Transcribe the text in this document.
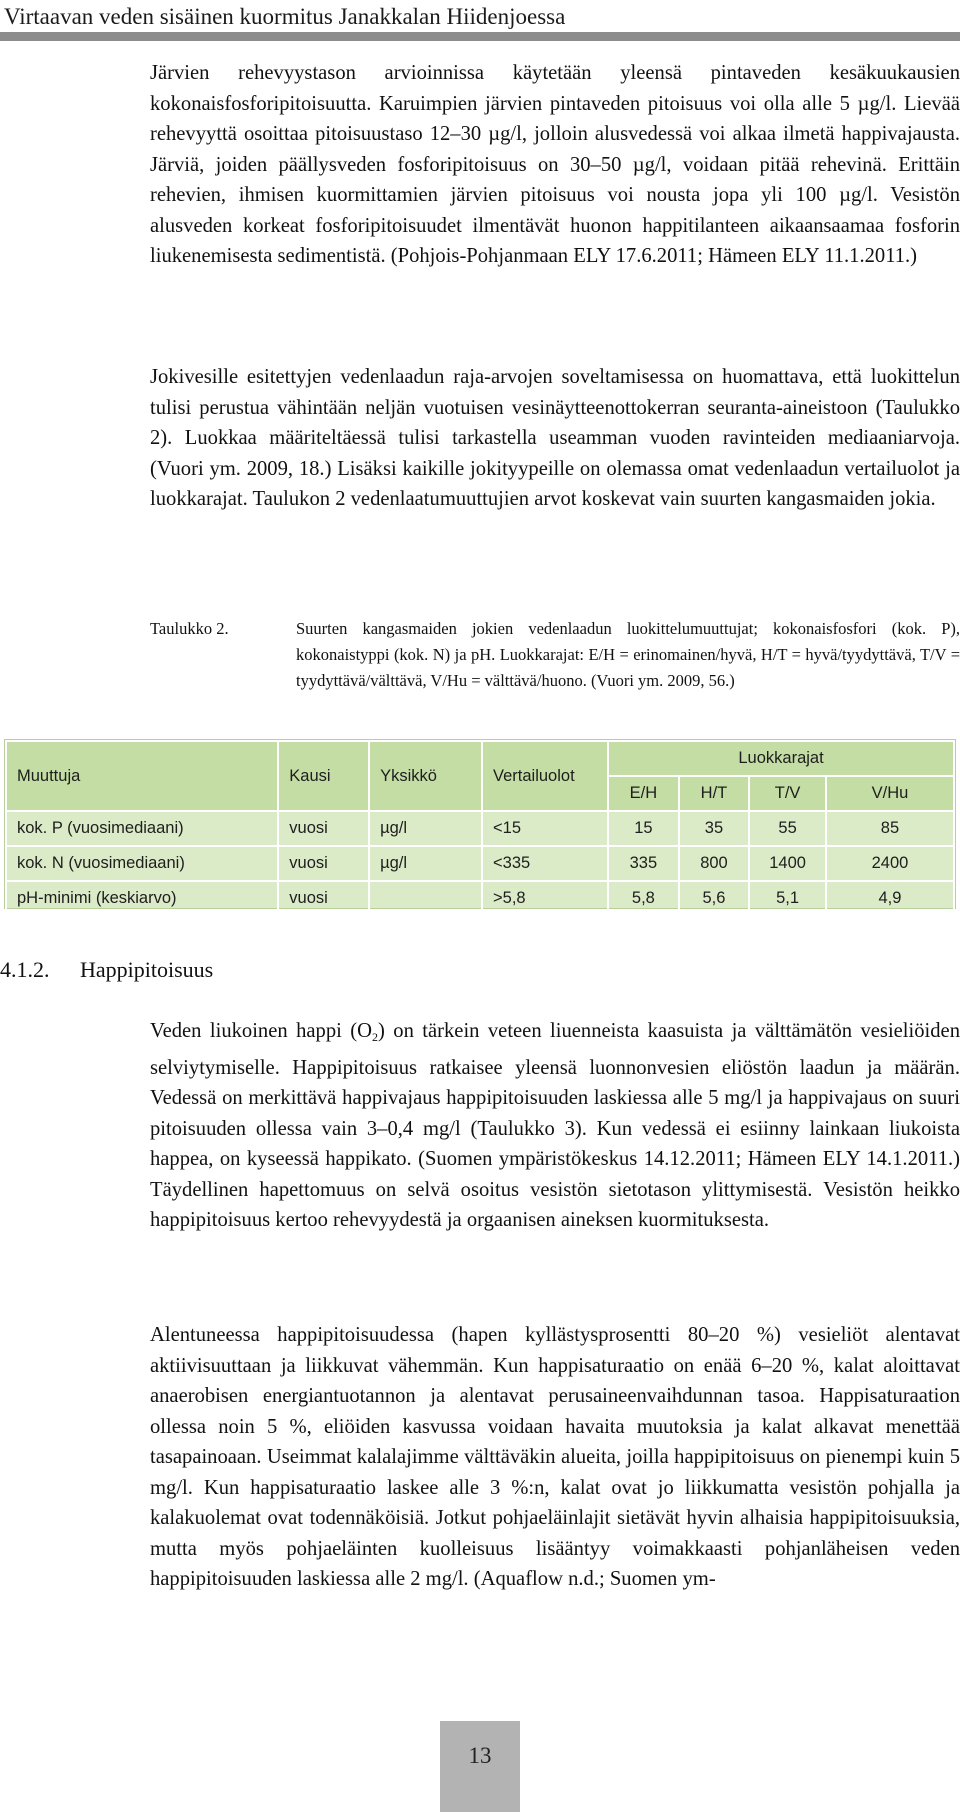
Virtaavan veden sisäinen kuormitus Janakkalan Hiidenjoessa

Järvien rehevyystason arvioinnissa käytetään yleensä pintaveden kesäkuukausien kokonaisfosforipitoisuutta. Karuimpien järvien pintaveden pitoisuus voi olla alle 5 µg/l. Lievää rehevyyttä osoittaa pitoisuustaso 12–30 µg/l, jolloin alusvedessä voi alkaa ilmetä happivajausta. Järviä, joiden päällysveden fosforipitoisuus on 30–50 µg/l, voidaan pitää rehevinä. Erittäin rehevien, ihmisen kuormittamien järvien pitoisuus voi nousta jopa yli 100 µg/l. Vesistön alusveden korkeat fosforipitoisuudet ilmentävät huonon happitilanteen aikaansaamaa fosforin liukenemisesta sedimentistä. (Pohjois-Pohjanmaan ELY 17.6.2011; Hämeen ELY 11.1.2011.)

Jokivesille esitettyjen vedenlaadun raja-arvojen soveltamisessa on huomattava, että luokittelun tulisi perustua vähintään neljän vuotuisen vesinäytteenottokerran seuranta-aineistoon (Taulukko 2). Luokkaa määriteltäessä tulisi tarkastella useamman vuoden ravinteiden mediaaniarvoja. (Vuori ym. 2009, 18.) Lisäksi kaikille jokityypeille on olemassa omat vedenlaadun vertailuolot ja luokkarajat. Taulukon 2 vedenlaatumuuttujien arvot koskevat vain suurten kangasmaiden jokia.

Taulukko 2.	Suurten kangasmaiden jokien vedenlaadun luokittelumuuttujat; kokonaisfosfori (kok. P), kokonaistyppi (kok. N) ja pH. Luokkarajat: E/H = erinomainen/hyvä, H/T = hyvä/tyydyttävä, T/V = tyydyttävä/välttävä, V/Hu = välttävä/huono. (Vuori ym. 2009, 56.)
Muuttuja	Kausi	Yksikkö	Vertailuolot	Luokkarajat			
				E/H	H/T	T/V	V/Hu
kok. P (vuosimediaani)	vuosi	µg/l	<15	15	35	55	85
kok. N (vuosimediaani)	vuosi	µg/l	<335	335	800	1400	2400
pH-minimi (keskiarvo)	vuosi		>5,8	5,8	5,6	5,1	4,9
4.1.2. Happipitoisuus

Veden liukoinen happi $(O_2)$ on tärkein veteen liuenneista kaasuista ja välttämätön vesieliöiden selviytymiselle. Happipitoisuus ratkaisee yleensä luonnonvesien eliöstön laadun ja määrän. Vedessä on merkittävä happivajaus happipitoisuuden laskiessa alle 5 mg/l ja happivajaus on suuri pitoisuuden ollessa vain 3–0,4 mg/l (Taulukko 3). Kun vedessä ei esiinny lainkaan liukoista happea, on kyseessä happikato. (Suomen ympäristökeskus 14.12.2011; Hämeen ELY 14.1.2011.) Täydellinen hapettomuus on selvä osoitus vesistön sietotason ylittymisestä. Vesistön heikko happipitoisuus kertoo rehevyydestä ja orgaanisen aineksen kuormituksesta.

Alentuneessa happipitoisuudessa (hapen kyllästysprosentti 80–20 %) vesieliöt alentavat aktiivisuuttaan ja liikkuvat vähemmän. Kun happisaturaatio on enää 6–20 %, kalat aloittavat anaerobisen energiantuotannon ja alentavat perusaineenvaihdunnan tasoa. Happisaturaation ollessa noin 5 %, eliöiden kasvussa voidaan havaita muutoksia ja kalat alkavat menettää tasapainoaan. Useimmat kalalajimme välttäväkin alueita, joilla happipitoisuus on pienempi kuin 5 mg/l. Kun happisaturaatio laskee alle 3 %:n, kalat ovat jo liikkumatta vesistön pohjalla ja kalakuolemat ovat todennäköisiä. Jotkut pohjaeläinlajit sietävät hyvin alhaisia happipitoisuuksia, mutta myös pohjaeläinten kuolleisuus lisääntyy voimakkaasti pohjanläheisen veden happipitoisuuden laskiessa alle 2 mg/l. (Aquaflow n.d.; Suomen ym-

13
